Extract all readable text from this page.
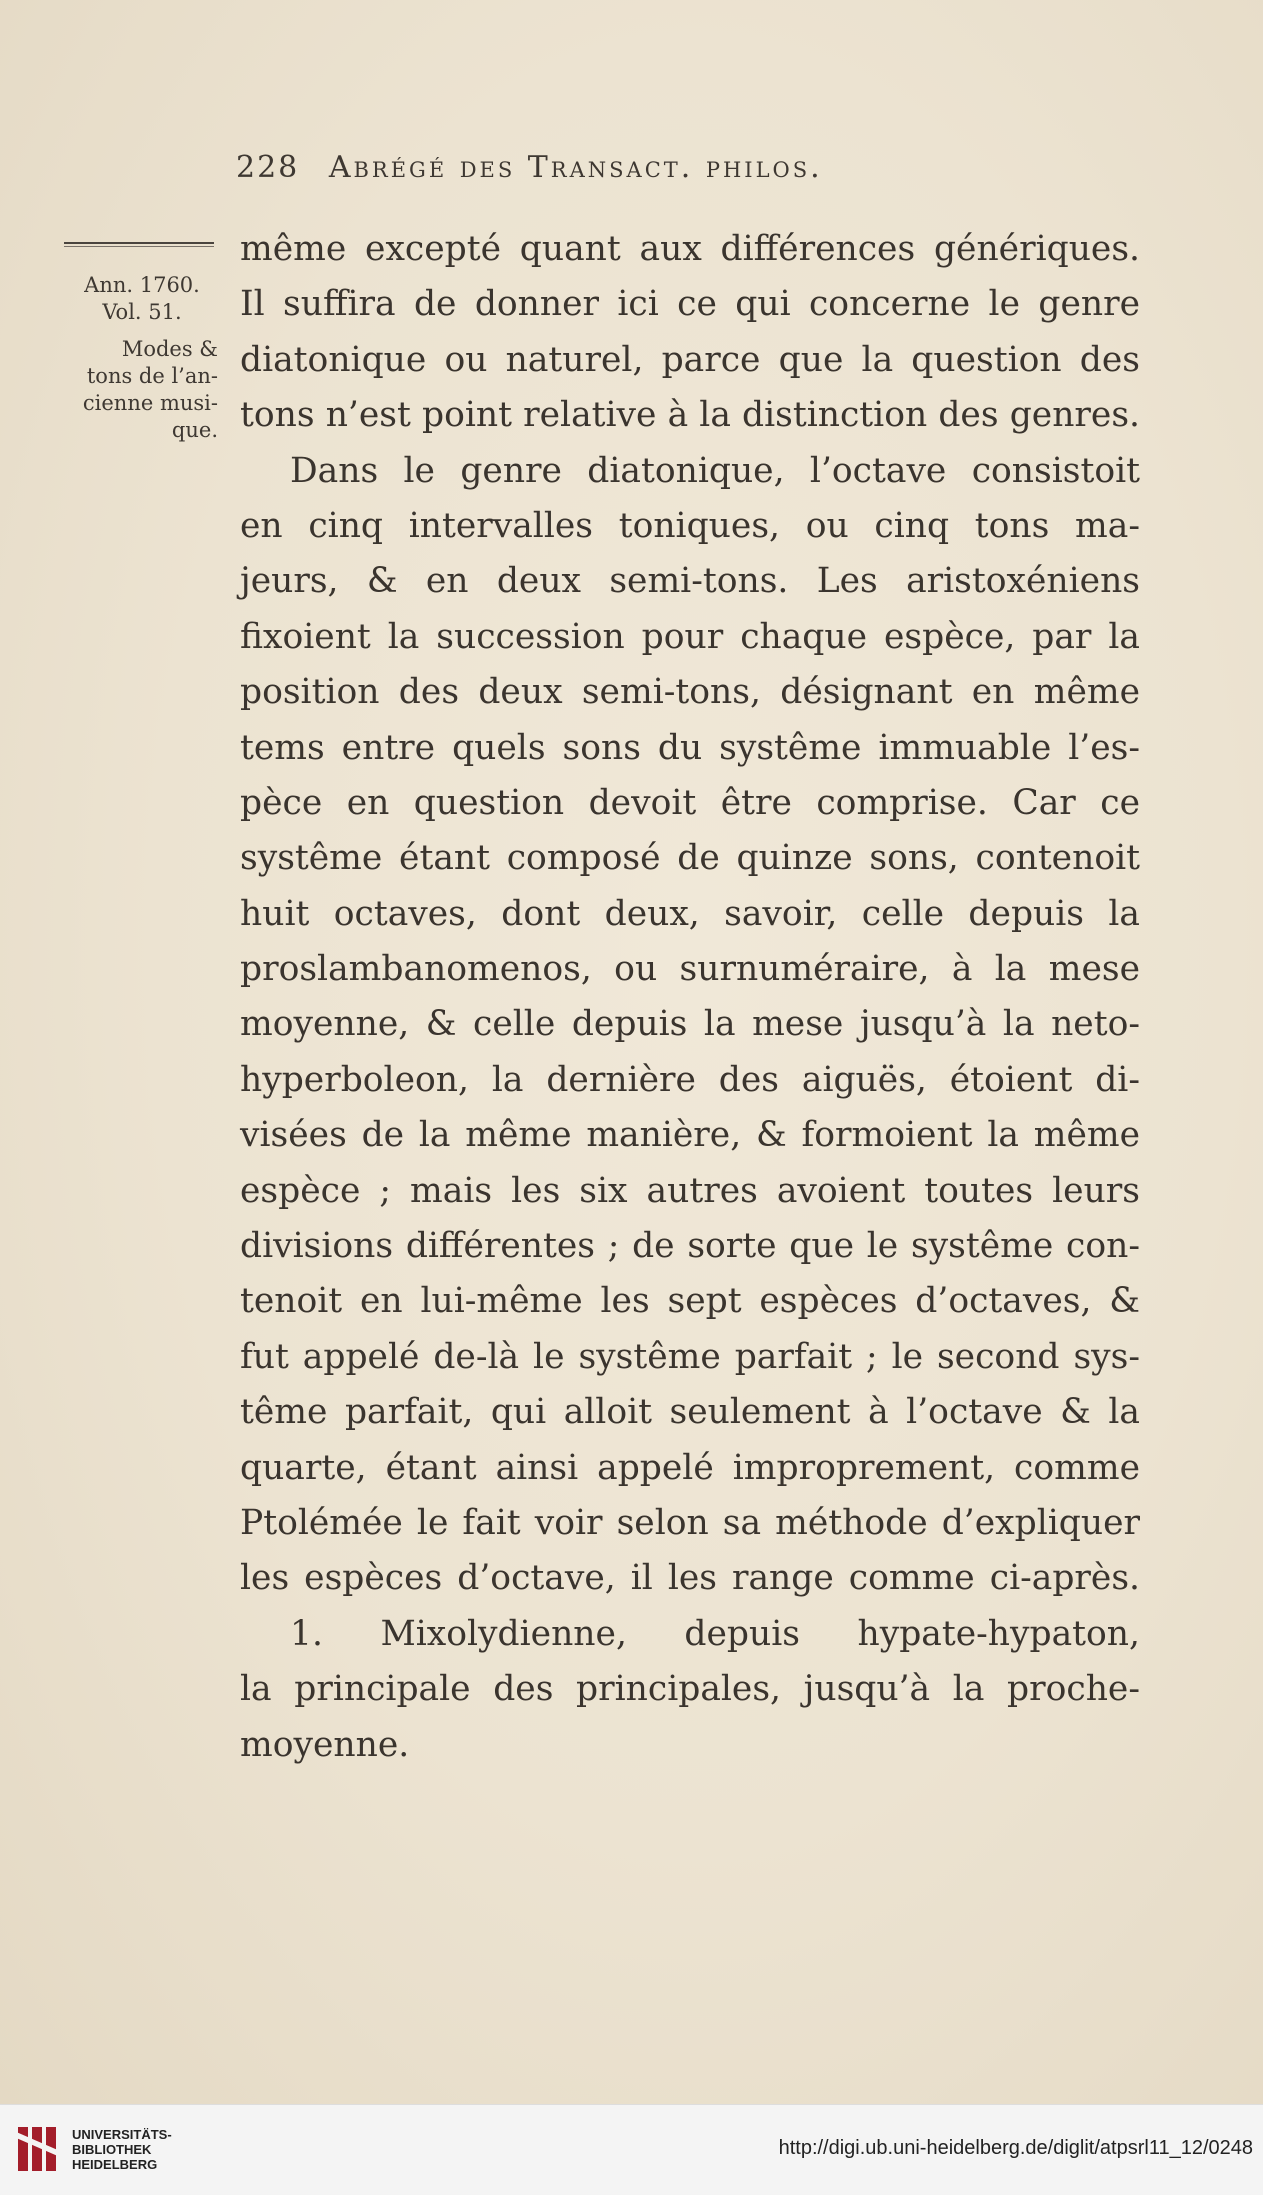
228 Abrégé des Transact. philos.
Ann. 1760.
Vol. 51.
Modes &
tons de l’an-
cienne musi-
que.
même excepté quant aux différences génériques.
Il suffira de donner ici ce qui concerne le genre
diatonique ou naturel, parce que la question des
tons n’est point relative à la distinction des genres.
Dans le genre diatonique, l’octave consistoit
en cinq intervalles toniques, ou cinq tons ma-
jeurs, & en deux semi-tons. Les aristoxéniens
fixoient la succession pour chaque espèce, par la
position des deux semi-tons, désignant en même
tems entre quels sons du systême immuable l’es-
pèce en question devoit être comprise. Car ce
systême étant composé de quinze sons, contenoit
huit octaves, dont deux, savoir, celle depuis la
proslambanomenos, ou surnuméraire, à la mese
moyenne, & celle depuis la mese jusqu’à la neto-
hyperboleon, la dernière des aiguës, étoient di-
visées de la même manière, & formoient la même
espèce ; mais les six autres avoient toutes leurs
divisions différentes ; de sorte que le systême con-
tenoit en lui-même les sept espèces d’octaves, &
fut appelé de-là le systême parfait ; le second sys-
tême parfait, qui alloit seulement à l’octave & la
quarte, étant ainsi appelé improprement, comme
Ptolémée le fait voir selon sa méthode d’expliquer
les espèces d’octave, il les range comme ci-après.
1. Mixolydienne, depuis hypate-hypaton,
la principale des principales, jusqu’à la proche-
moyenne.
UNIVERSITÄTS-
BIBLIOTHEK
HEIDELBERG
http://digi.ub.uni-heidelberg.de/diglit/atpsrl11_12/0248
